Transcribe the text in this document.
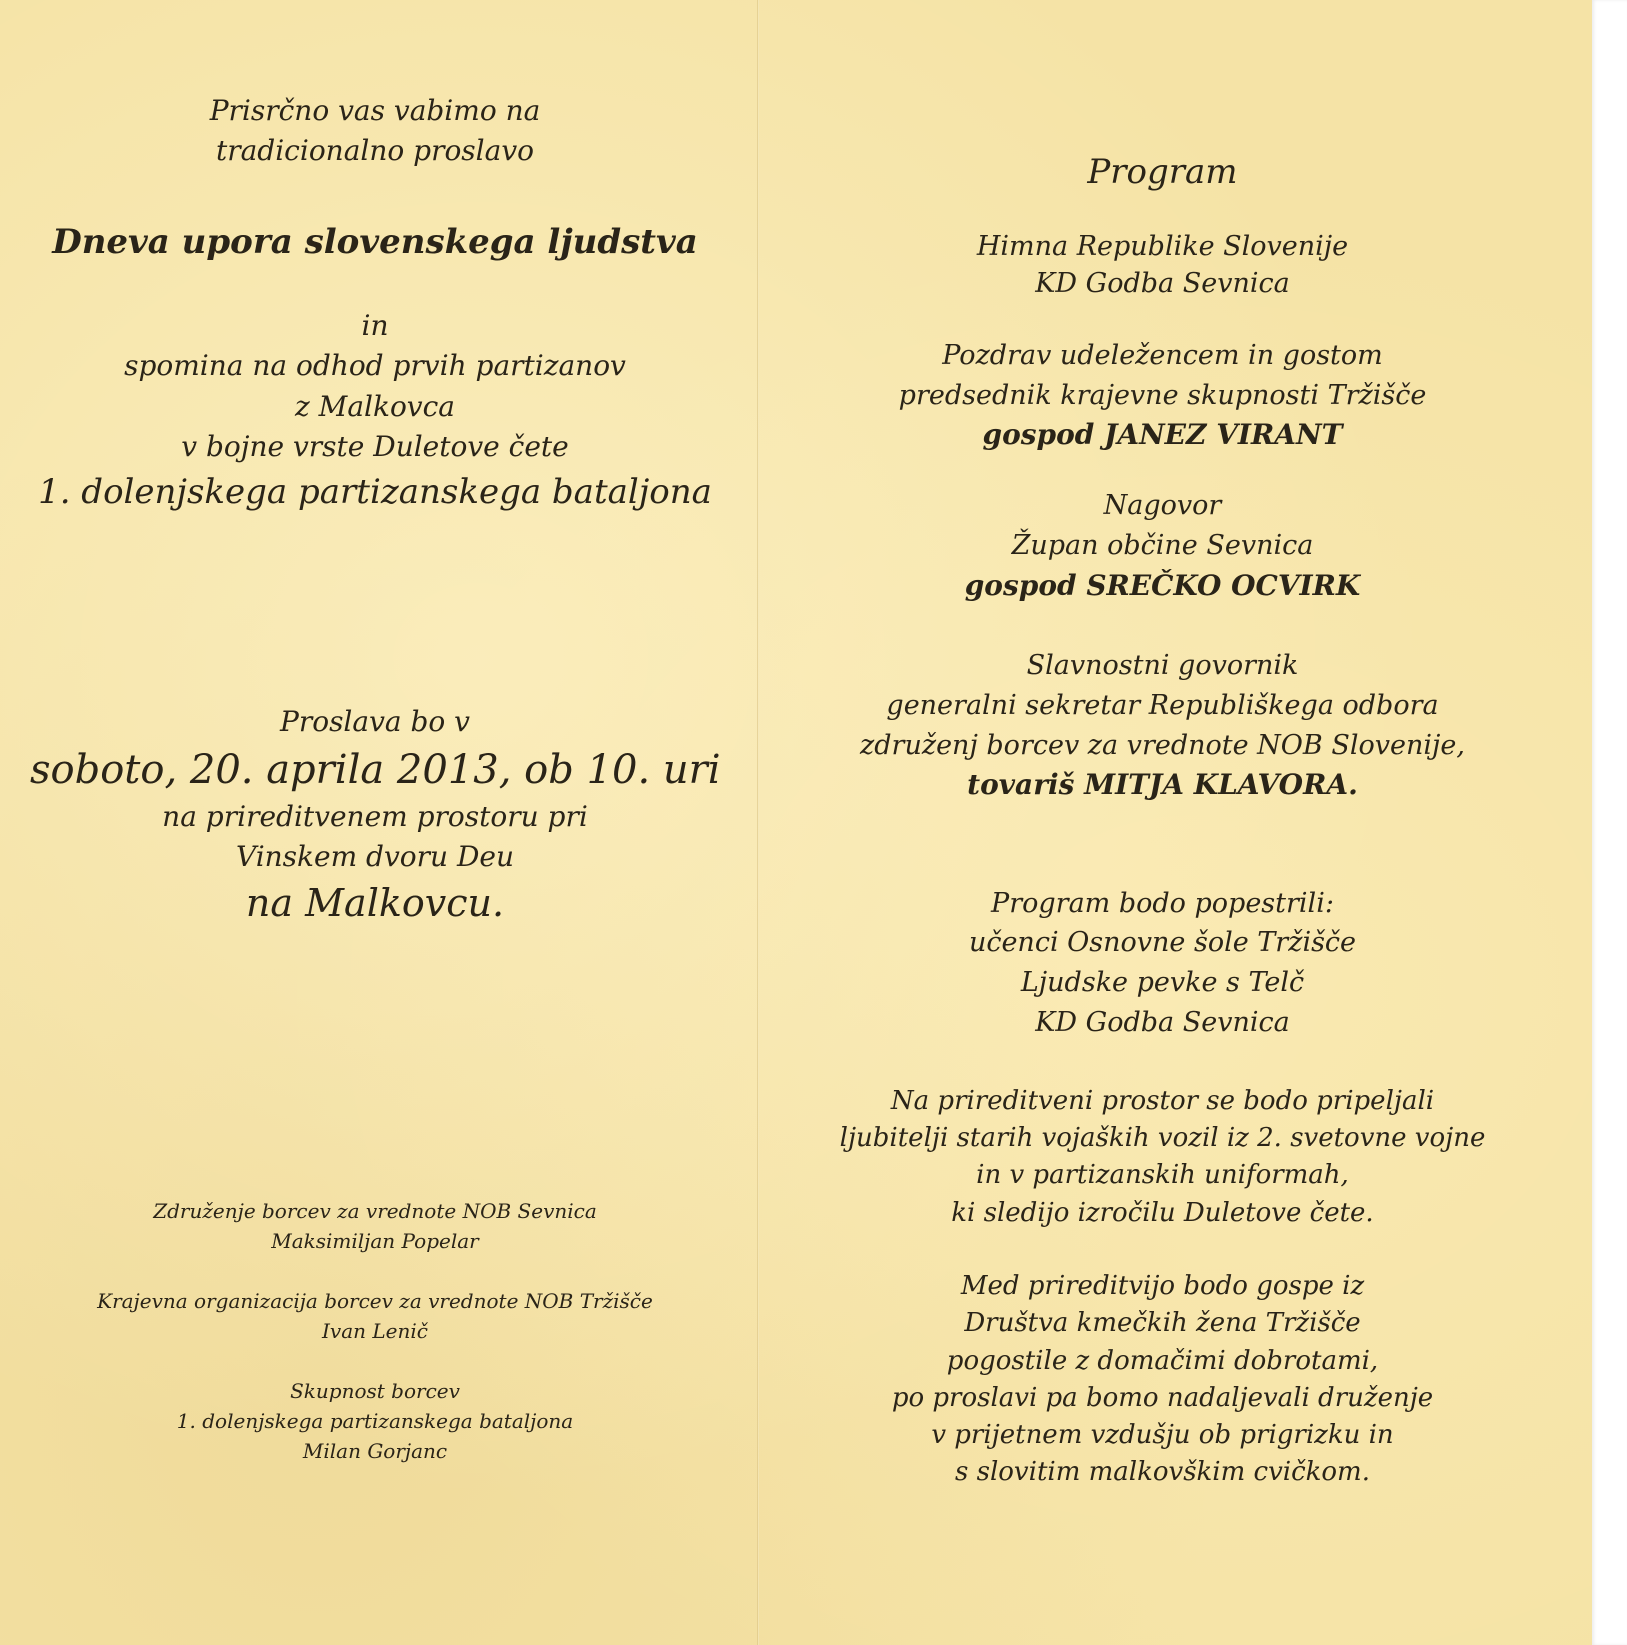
Prisrčno vas vabimo na
tradicionalno proslavo
Dneva upora slovenskega ljudstva
in
spomina na odhod prvih partizanov
z Malkovca
v bojne vrste Duletove čete
1. dolenjskega partizanskega bataljona
Proslava bo v
soboto, 20. aprila 2013, ob 10. uri
na prireditvenem prostoru pri
Vinskem dvoru Deu
na Malkovcu.
Združenje borcev za vrednote NOB Sevnica
Maksimiljan Popelar
Krajevna organizacija borcev za vrednote NOB Tržišče
Ivan Lenič
Skupnost borcev
1. dolenjskega partizanskega bataljona
Milan Gorjanc
Program
Himna Republike Slovenije
KD Godba Sevnica
Pozdrav udeležencem in gostom
predsednik krajevne skupnosti Tržišče
gospod JANEZ VIRANT
Nagovor
Župan občine Sevnica
gospod SREČKO OCVIRK
Slavnostni govornik
generalni sekretar Republiškega odbora
združenj borcev za vrednote NOB Slovenije,
tovariš MITJA KLAVORA.
Program bodo popestrili:
učenci Osnovne šole Tržišče
Ljudske pevke s Telč
KD Godba Sevnica
Na prireditveni prostor se bodo pripeljali
ljubitelji starih vojaških vozil iz 2. svetovne vojne
in v partizanskih uniformah,
ki sledijo izročilu Duletove čete.
Med prireditvijo bodo gospe iz
Društva kmečkih žena Tržišče
pogostile z domačimi dobrotami,
po proslavi pa bomo nadaljevali druženje
v prijetnem vzdušju ob prigrizku in
s slovitim malkovškim cvičkom.
